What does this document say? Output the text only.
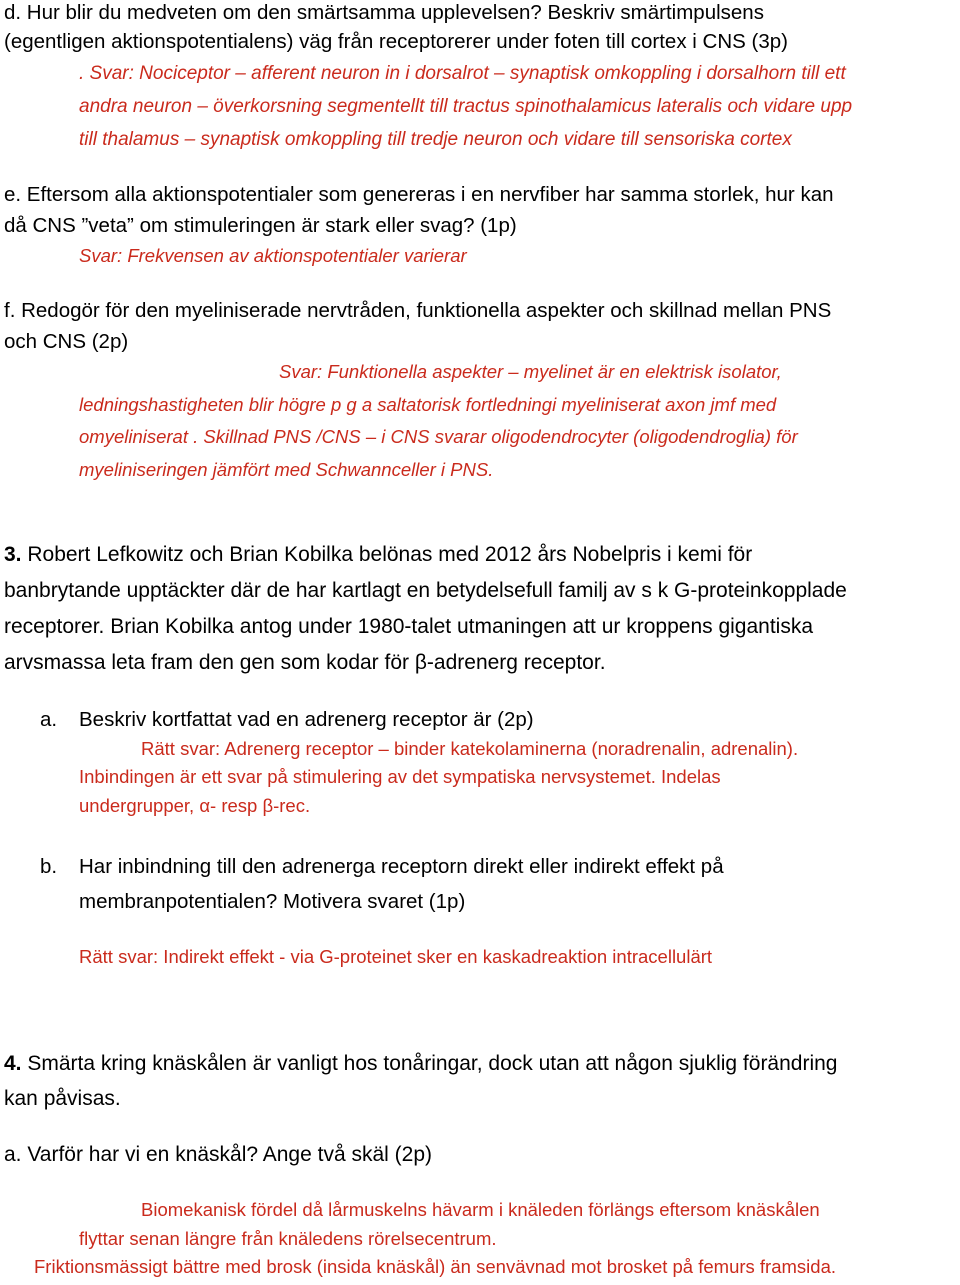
d. Hur blir du medveten om den smärtsamma upplevelsen? Beskriv smärtimpulsens

(egentligen aktionspotentialens) väg från receptorerer under foten till cortex i CNS (3p)

. Svar: Nociceptor – afferent neuron in i dorsalrot – synaptisk omkoppling i dorsalhorn till ett

andra neuron – överkorsning segmentellt till tractus spinothalamicus lateralis och vidare upp

till thalamus – synaptisk omkoppling till tredje neuron och vidare till sensoriska cortex

e. Eftersom alla aktionspotentialer som genereras i en nervfiber har samma storlek, hur kan

då CNS ”veta” om stimuleringen är stark eller svag? (1p)

Svar: Frekvensen av aktionspotentialer varierar

f. Redogör för den myeliniserade nervtråden, funktionella aspekter och skillnad mellan PNS

och CNS (2p)

Svar: Funktionella aspekter – myelinet är en elektrisk isolator,

ledningshastigheten blir högre p g a saltatorisk fortledningi myeliniserat axon jmf med

omyeliniserat . Skillnad PNS /CNS – i CNS svarar oligodendrocyter (oligodendroglia) för

myeliniseringen jämfört med Schwannceller i PNS.

3. Robert Lefkowitz och Brian Kobilka belönas med 2012 års Nobelpris i kemi för

banbrytande upptäckter där de har kartlagt en betydelsefull familj av s k G-proteinkopplade

receptorer. Brian Kobilka antog under 1980-talet utmaningen att ur kroppens gigantiska

arvsmassa leta fram den gen som kodar för β-adrenerg receptor.

a. Beskriv kortfattat vad en adrenerg receptor är (2p)

Rätt svar: Adrenerg receptor – binder katekolaminerna (noradrenalin, adrenalin).

Inbindingen är ett svar på stimulering av det sympatiska nervsystemet. Indelas

undergrupper, α- resp β-rec.

b. Har inbindning till den adrenerga receptorn direkt eller indirekt effekt på

membranpotentialen? Motivera svaret (1p)

Rätt svar: Indirekt effekt - via G-proteinet sker en kaskadreaktion intracellulärt

4. Smärta kring knäskålen är vanligt hos tonåringar, dock utan att någon sjuklig förändring

kan påvisas.

a. Varför har vi en knäskål? Ange två skäl (2p)

Biomekanisk fördel då lårmuskelns hävarm i knäleden förlängs eftersom knäskålen

flyttar senan längre från knäledens rörelsecentrum.

Friktionsmässigt bättre med brosk (insida knäskål) än senvävnad mot brosket på femurs framsida.
